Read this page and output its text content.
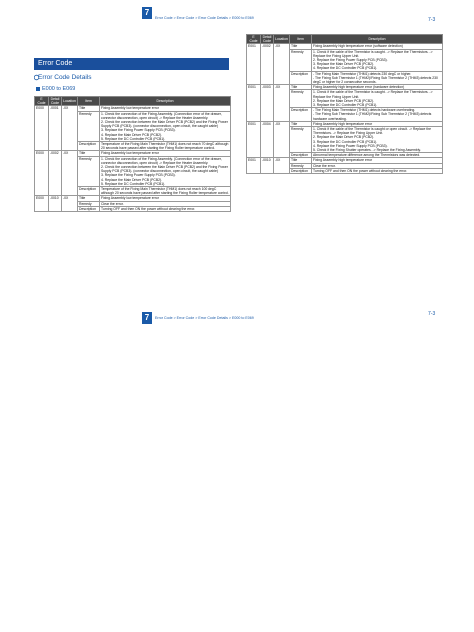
7
Error Code > Error Code > Error Code Details > E000 to E069	7-3
Error Code
Error Code Details
E000 to E069
E Code	Detail Code	Location	Item	Description
E000	-0001	-0X	Title	Fixing Assembly low temperature error

			Remedy	1. Check the connection of the Fixing Assembly. (Connection error of the drawer, connector disconnection, open circuit) -> Replace the Heater Assembly.
2. Check the connection between the Main Driver PCB (PCB2) and the Fixing Power Supply PCB (PCB3). (connector disconnection, open circuit, the caught cable)
3. Replace the Fixing Power Supply PCB (PCB3).
4. Replace the Main Driver PCB (PCB2).
5. Replace the DC Controller PCB (PCB1).

			Description	Temperature of the Fixing Main Thermistor (THM1) does not reach 70 degC although 20 seconds have passed after starting the Fixing Roller temperature control.

E000	-0002	-0X	Title	Fixing Assembly low temperature error

			Remedy	1. Check the connection of the Fixing Assembly. (Connection error of the drawer, connector disconnection, open circuit) -> Replace the Heater Assembly.
2. Check the connection between the Main Driver PCB (PCB2) and the Fixing Power Supply PCB (PCB3). (connector disconnection, open circuit, the caught cable)
3. Replace the Fixing Power Supply PCB (PCB3).
4. Replace the Main Driver PCB (PCB2).
5. Replace the DC Controller PCB (PCB1).

			Description	Temperature of the Fixing Main Thermistor (THM1) does not reach 100 degC although 20 seconds have passed after starting the Fixing Roller temperature control.

E000	-0010	-0X	Title	Fixing Assembly low temperature error

			Remedy	Clear the error.

			Description	Turning OFF and then ON the power without clearing the error.
E Code	Detail Code	Location	Item	Description
E001	-0002	-0X	Title	Fixing Assembly high temperature error (software detection)

			Remedy	1. Check if the cable of the Thermistor is caught. -> Replace the Thermistors. -> Replace the Fixing Upper Unit.
2. Replace the Fixing Power Supply PCB (PCB3).
3. Replace the Main Driver PCB (PCB2).
4. Replace the DC Controller PCB (PCB1).

			Description	- The Fixing Main Thermistor (THM1) detects 230 degC or higher.
- The Fixing Sub Thermistor 1 (THM2)/Fixing Sub Thermistor 2 (THM3) detects 230 degC or higher for 2 consecutive seconds.

E001	-0003	-0X	Title	Fixing Assembly high temperature error (hardware detection)

			Remedy	1. Check if the cable of the Thermistor is caught. -> Replace the Thermistors. -> Replace the Fixing Upper Unit.
2. Replace the Main Driver PCB (PCB2).
3. Replace the DC Controller PCB (PCB1).

			Description	- The Fixing Main Thermistor (THM1) detects hardware overheating.
- The Fixing Sub Thermistor 1 (THM2)/Fixing Sub Thermistor 2 (THM3) detects hardware overheating.

E001	-0004	-0X	Title	Fixing Assembly high temperature error

			Remedy	1. Check if the cable of the Thermistor is caught or open circuit. -> Replace the Thermistors. -> Replace the Fixing Upper Unit.
2. Replace the Main Driver PCB (PCB2).
3. Replace the DC Controller PCB (PCB1).
4. Replace the Fixing Power Supply PCB (PCB3).
5. Check if the Fixing Shutter operates. -> Replace the Fixing Assembly.

			Description	Abnormal temperature difference among the Thermistors was detected.

E001	-0010	-0X	Title	Fixing Assembly high temperature error

			Remedy	Clear the error.

			Description	Turning OFF and then ON the power without clearing the error.
7	Error Code > Error Code > Error Code Details > E000 to E069
7-3
